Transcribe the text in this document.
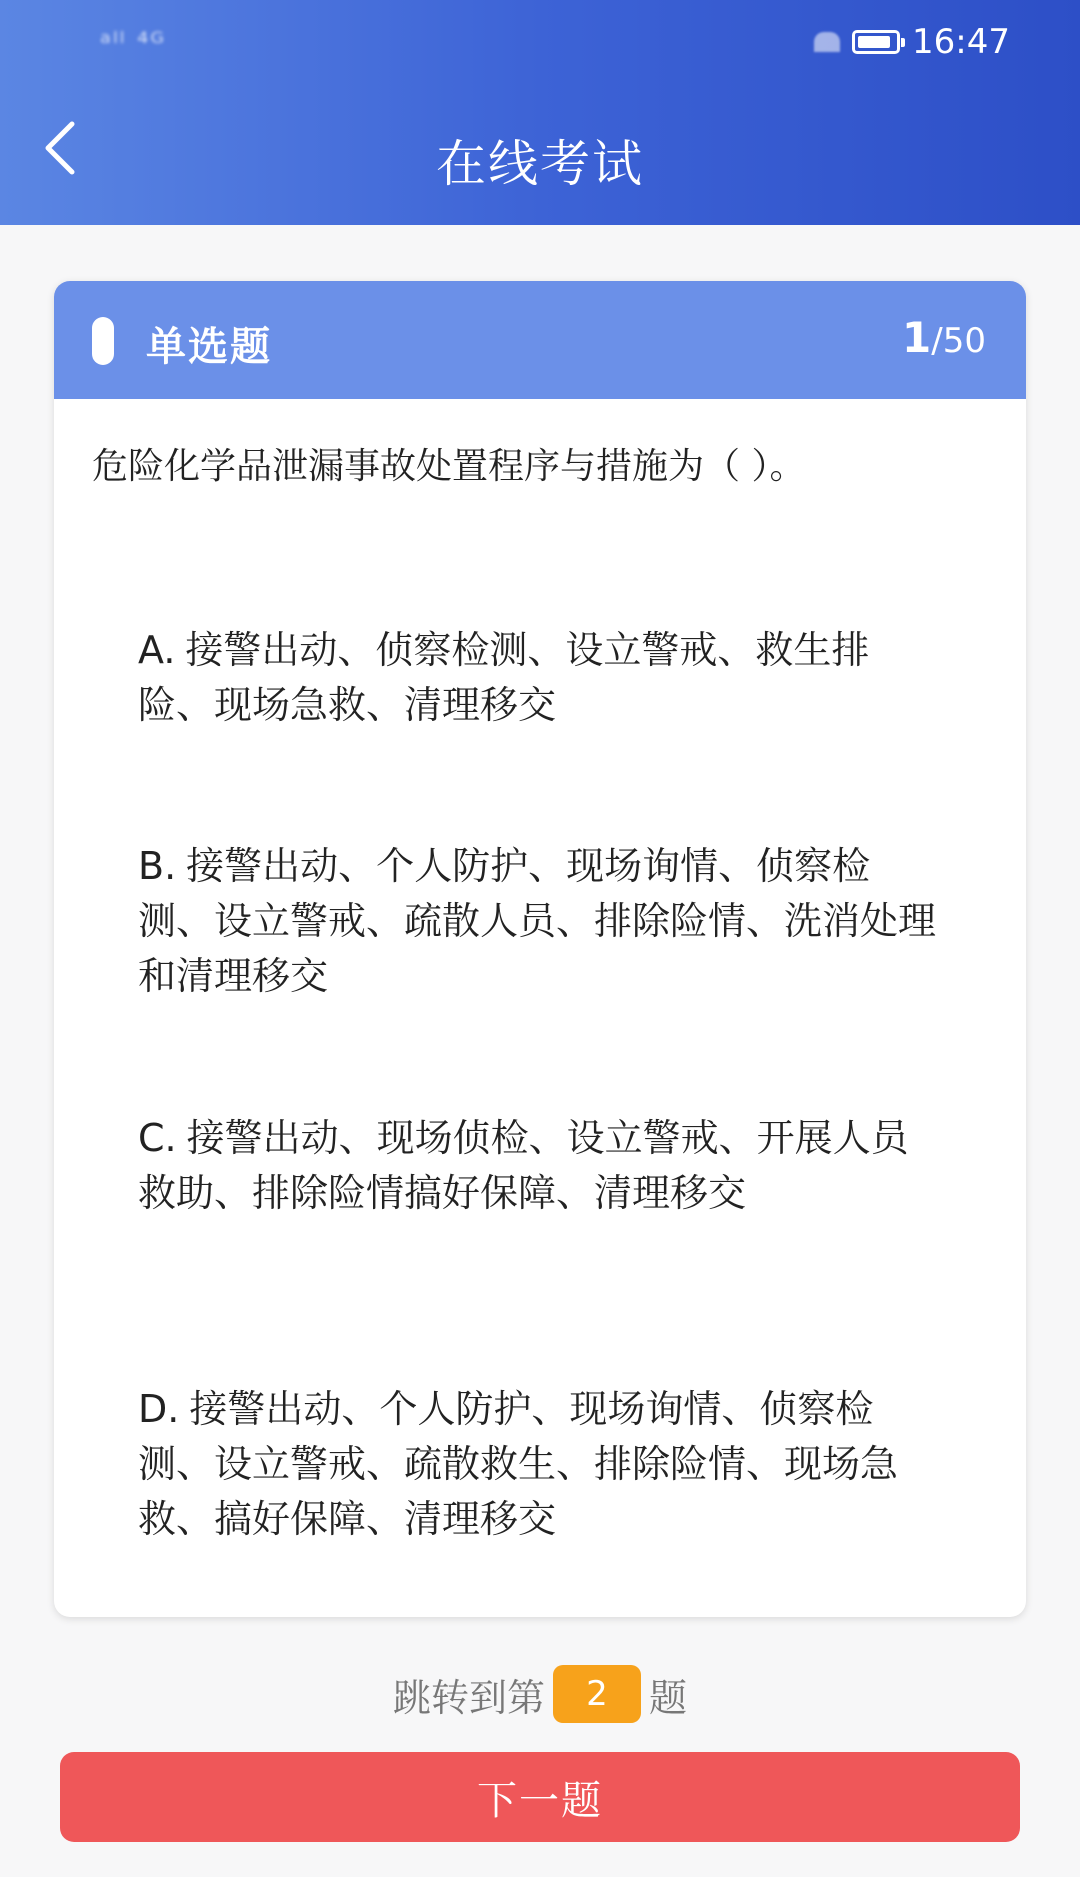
ᵃˡˡ ⁴ᴳ	16:47
在线考试
单选题	1 / 50
危险化学品泄漏事故处置程序与措施为（ ）。
A. 接警出动、侦察检测、设立警戒、救生排险、现场急救、清理移交
B. 接警出动、个人防护、现场询情、侦察检测、设立警戒、疏散人员、排除险情、洗消处理和清理移交
C. 接警出动、现场侦检、设立警戒、开展人员救助、排除险情搞好保障、清理移交
D. 接警出动、个人防护、现场询情、侦察检测、设立警戒、疏散救生、排除险情、现场急救、搞好保障、清理移交
跳转到第	2	题
下一题
